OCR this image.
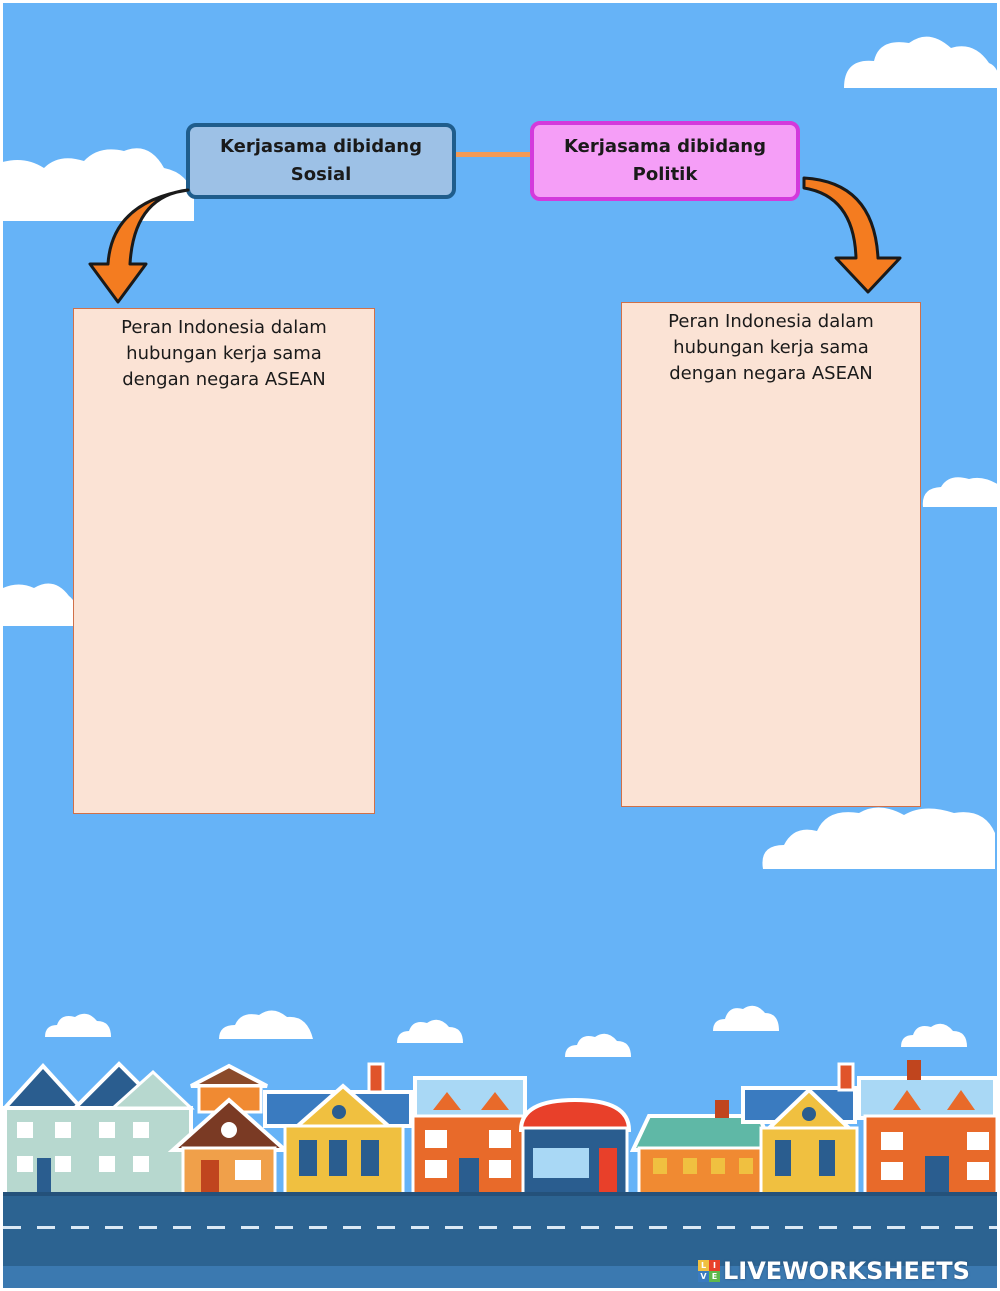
Kerjasama dibidang
Sosial
Kerjasama dibidang
Politik
Peran Indonesia dalam
hubungan kerja sama
dengan negara ASEAN
Peran Indonesia dalam
hubungan kerja sama
dengan negara ASEAN
L I
V E LIVEWORKSHEETS
